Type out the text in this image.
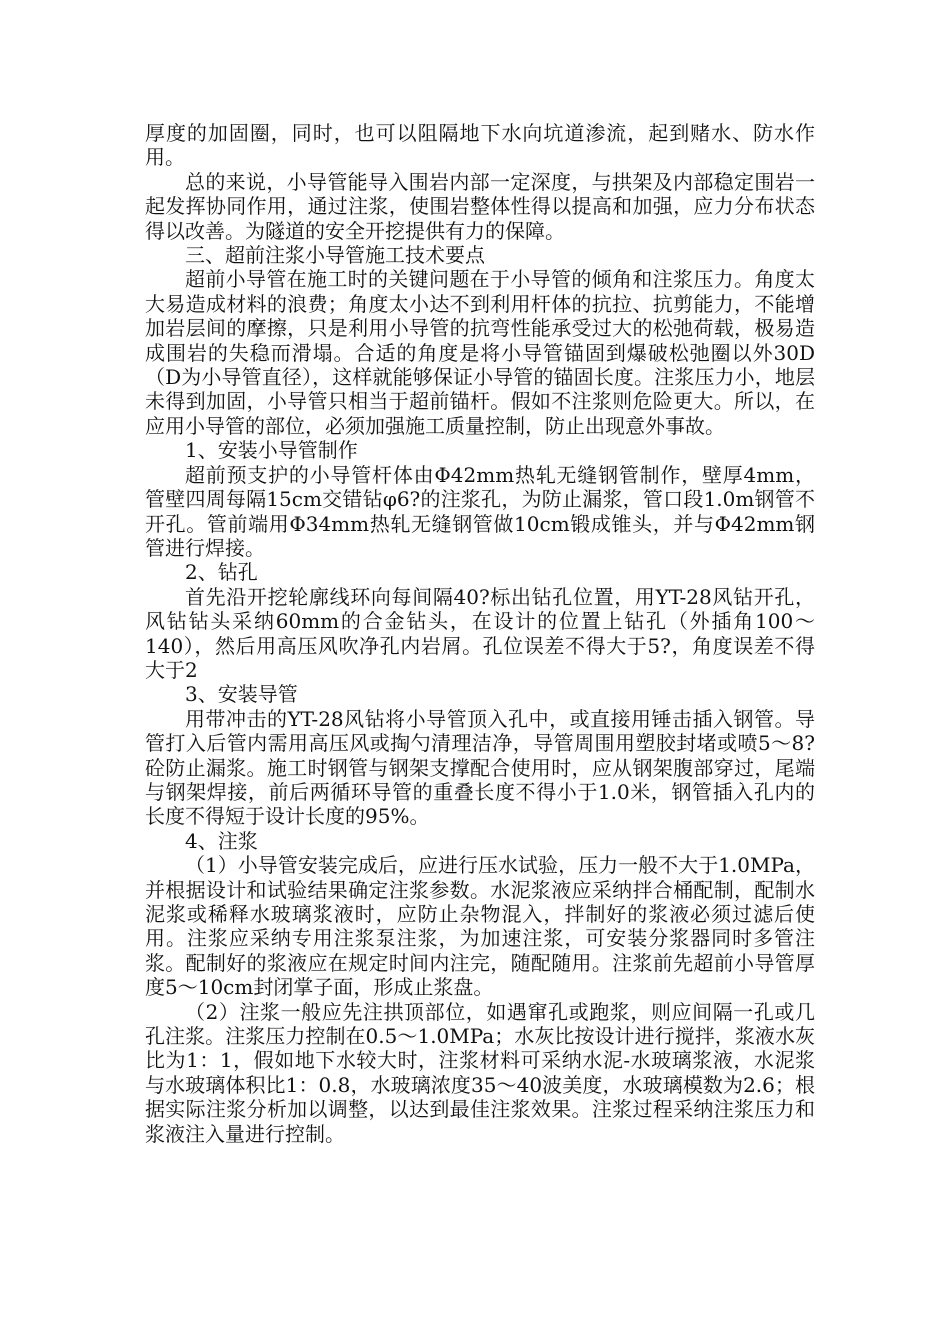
厚度的加固圈，同时，也可以阻隔地下水向坑道渗流，起到赌水、防水作用。

总的来说，小导管能导入围岩内部一定深度，与拱架及内部稳定围岩一起发挥协同作用，通过注浆，使围岩整体性得以提高和加强，应力分布状态得以改善。为隧道的安全开挖提供有力的保障。

三、超前注浆小导管施工技术要点

超前小导管在施工时的关键问题在于小导管的倾角和注浆压力。角度太大易造成材料的浪费；角度太小达不到利用杆体的抗拉、抗剪能力，不能增加岩层间的摩擦，只是利用小导管的抗弯性能承受过大的松弛荷载，极易造成围岩的失稳而滑塌。合适的角度是将小导管锚固到爆破松弛圈以外30D（D为小导管直径），这样就能够保证小导管的锚固长度。注浆压力小，地层未得到加固，小导管只相当于超前锚杆。假如不注浆则危险更大。所以，在应用小导管的部位，必须加强施工质量控制，防止出现意外事故。

1、安装小导管制作

超前预支护的小导管杆体由Φ42mm热轧无缝钢管制作，壁厚4mm，管壁四周每隔15cm交错钻φ6?的注浆孔，为防止漏浆，管口段1.0m钢管不开孔。管前端用Φ34mm热轧无缝钢管做10cm锻成锥头，并与Φ42mm钢管进行焊接。

2、钻孔

首先沿开挖轮廓线环向每间隔40?标出钻孔位置，用YT-28风钻开孔，风钻钻头采纳60mm的合金钻头，在设计的位置上钻孔（外插角100～140），然后用高压风吹净孔内岩屑。孔位误差不得大于5?，角度误差不得大于2

3、安装导管

用带冲击的YT-28风钻将小导管顶入孔中，或直接用锤击插入钢管。导管打入后管内需用高压风或掏勺清理洁净，导管周围用塑胶封堵或喷5～8?砼防止漏浆。施工时钢管与钢架支撑配合使用时，应从钢架腹部穿过，尾端与钢架焊接，前后两循环导管的重叠长度不得小于1.0米，钢管插入孔内的长度不得短于设计长度的95%。

4、注浆

（1）小导管安装完成后，应进行压水试验，压力一般不大于1.0MPa，并根据设计和试验结果确定注浆参数。水泥浆液应采纳拌合桶配制，配制水泥浆或稀释水玻璃浆液时，应防止杂物混入，拌制好的浆液必须过滤后使用。注浆应采纳专用注浆泵注浆，为加速注浆，可安装分浆器同时多管注浆。配制好的浆液应在规定时间内注完，随配随用。注浆前先超前小导管厚度5～10cm封闭掌子面，形成止浆盘。

（2）注浆一般应先注拱顶部位，如遇窜孔或跑浆，则应间隔一孔或几孔注浆。注浆压力控制在0.5～1.0MPa；水灰比按设计进行搅拌，浆液水灰比为1：1，假如地下水较大时，注浆材料可采纳水泥-水玻璃浆液，水泥浆与水玻璃体积比1：0.8，水玻璃浓度35～40波美度，水玻璃模数为2.6；根据实际注浆分析加以调整，以达到最佳注浆效果。注浆过程采纳注浆压力和浆液注入量进行控制。
